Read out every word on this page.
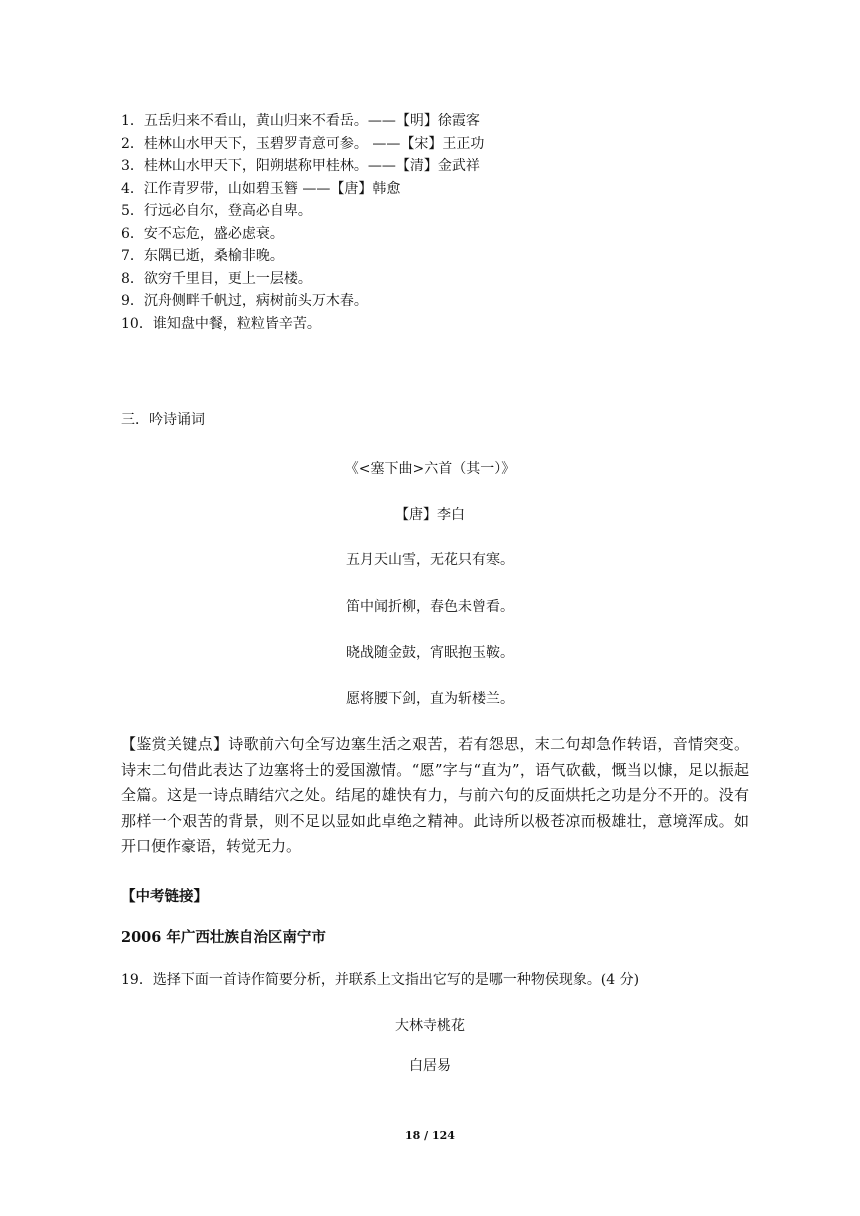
1．五岳归来不看山，黄山归来不看岳。——【明】徐霞客
2．桂林山水甲天下，玉碧罗青意可参。 ——【宋】王正功
3．桂林山水甲天下，阳朔堪称甲桂林。——【清】金武祥
4．江作青罗带，山如碧玉簪 ——【唐】韩愈
5．行远必自尔，登高必自卑。
6．安不忘危，盛必虑衰。
7．东隅已逝，桑榆非晚。
8．欲穷千里目，更上一层楼。
9．沉舟侧畔千帆过，病树前头万木春。
10．谁知盘中餐，粒粒皆辛苦。
三．吟诗诵词
《<塞下曲>六首（其一）》
【唐】李白
五月天山雪，无花只有寒。
笛中闻折柳，春色未曾看。
晓战随金鼓，宵眠抱玉鞍。
愿将腰下剑，直为斩楼兰。
【鉴赏关键点】诗歌前六句全写边塞生活之艰苦，若有怨思，末二句却急作转语，音情突变。诗末二句借此表达了边塞将士的爱国激情。“愿”字与“直为”，语气砍截，慨当以慷，足以振起全篇。这是一诗点睛结穴之处。结尾的雄快有力，与前六句的反面烘托之功是分不开的。没有那样一个艰苦的背景，则不足以显如此卓绝之精神。此诗所以极苍凉而极雄壮，意境浑成。如开口便作豪语，转觉无力。
【中考链接】
2006 年广西壮族自治区南宁市
19．选择下面一首诗作简要分析，并联系上文指出它写的是哪一种物侯现象。(4 分)
大林寺桃花
白居易
18 / 124
